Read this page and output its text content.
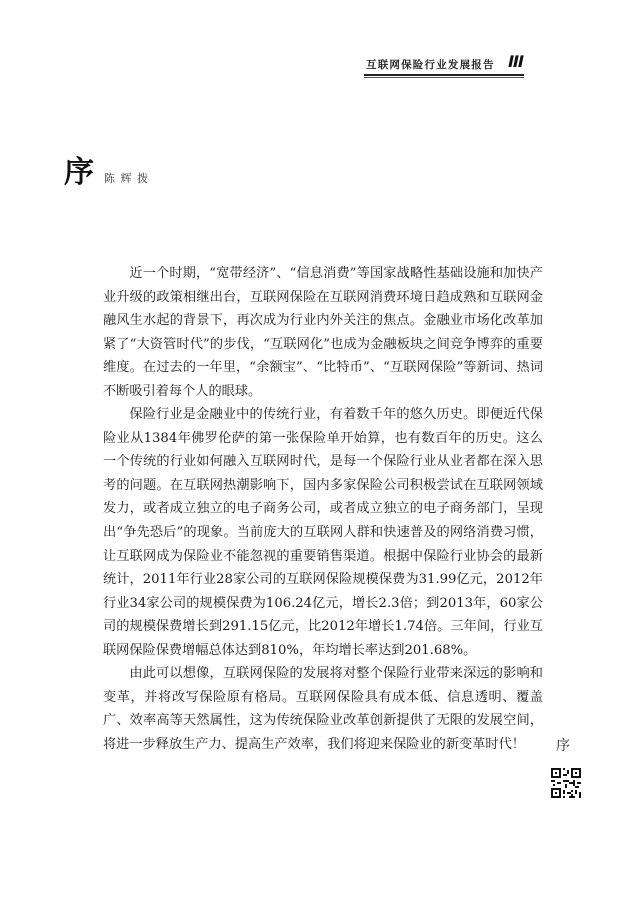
互联网保险行业发展报告 III
序 陈 辉 拨

近一个时期，“宽带经济”、“信息消费”等国家战略性基础设施和加快产业升级的政策相继出台，互联网保险在互联网消费环境日趋成熟和互联网金融风生水起的背景下，再次成为行业内外关注的焦点。金融业市场化改革加紧了“大资管时代”的步伐，“互联网化”也成为金融板块之间竞争博弈的重要维度。在过去的一年里，“余额宝”、“比特币”、“互联网保险”等新词、热词不断吸引着每个人的眼球。

保险行业是金融业中的传统行业，有着数千年的悠久历史。即便近代保险业从1384年佛罗伦萨的第一张保险单开始算，也有数百年的历史。这么一个传统的行业如何融入互联网时代，是每一个保险行业从业者都在深入思考的问题。在互联网热潮影响下，国内多家保险公司积极尝试在互联网领域发力，或者成立独立的电子商务公司，或者成立独立的电子商务部门，呈现出“争先恐后”的现象。当前庞大的互联网人群和快速普及的网络消费习惯，让互联网成为保险业不能忽视的重要销售渠道。根据中保险行业协会的最新统计，2011年行业28家公司的互联网保险规模保费为31.99亿元，2012年行业34家公司的规模保费为106.24亿元，增长2.3倍；到2013年，60家公司的规模保费增长到291.15亿元，比2012年增长1.74倍。三年间，行业互联网保险保费增幅总体达到810%，年均增长率达到201.68%。

由此可以想像，互联网保险的发展将对整个保险行业带来深远的影响和变革，并将改写保险原有格局。互联网保险具有成本低、信息透明、覆盖广、效率高等天然属性，这为传统保险业改革创新提供了无限的发展空间，将进一步释放生产力、提高生产效率，我们将迎来保险业的新变革时代！	序
